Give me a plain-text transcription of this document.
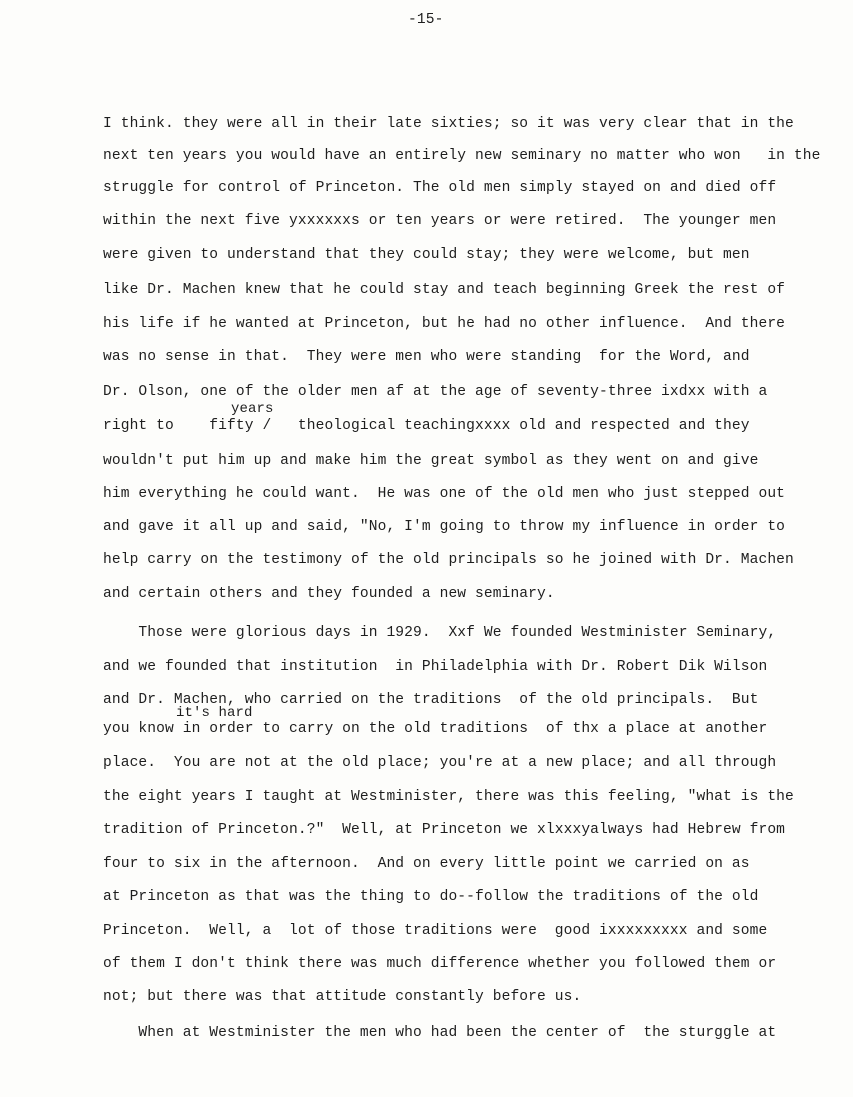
-15-
I think. they were all in their late sixties; so it was very clear that in the
next ten years you would have an entirely new seminary no matter who won   in the
struggle for control of Princeton. The old men simply stayed on and died off
within the next five yxxxxxxs or ten years or were retired.  The younger men
were given to understand that they could stay; they were welcome, but men
like Dr. Machen knew that he could stay and teach beginning Greek the rest of
his life if he wanted at Princeton, but he had no other influence.  And there
was no sense in that.  They were men who were standing  for the Word, and
Dr. Olson, one of the older men af at the age of seventy-three ixdxx with a
years
right to    fifty /   theological teachingxxxx old and respected and they
wouldn't put him up and make him the great symbol as they went on and give
him everything he could want.  He was one of the old men who just stepped out
and gave it all up and said, "No, I'm going to throw my influence in order to
help carry on the testimony of the old principals so he joined with Dr. Machen
and certain others and they founded a new seminary.
Those were glorious days in 1929.  Xxf We founded Westminister Seminary,
and we founded that institution  in Philadelphia with Dr. Robert Dik Wilson
and Dr. Machen, who carried on the traditions  of the old principals.  But
it's hard
you know in order to carry on the old traditions  of thx a place at another
place.  You are not at the old place; you're at a new place; and all through
the eight years I taught at Westminister, there was this feeling, "what is the
tradition of Princeton.?"  Well, at Princeton we xlxxxyalways had Hebrew from
four to six in the afternoon.  And on every little point we carried on as
at Princeton as that was the thing to do--follow the traditions of the old
Princeton.  Well, a  lot of those traditions were  good ixxxxxxxxx and some
of them I don't think there was much difference whether you followed them or
not; but there was that attitude constantly before us.
When at Westminister the men who had been the center of  the sturggle at
